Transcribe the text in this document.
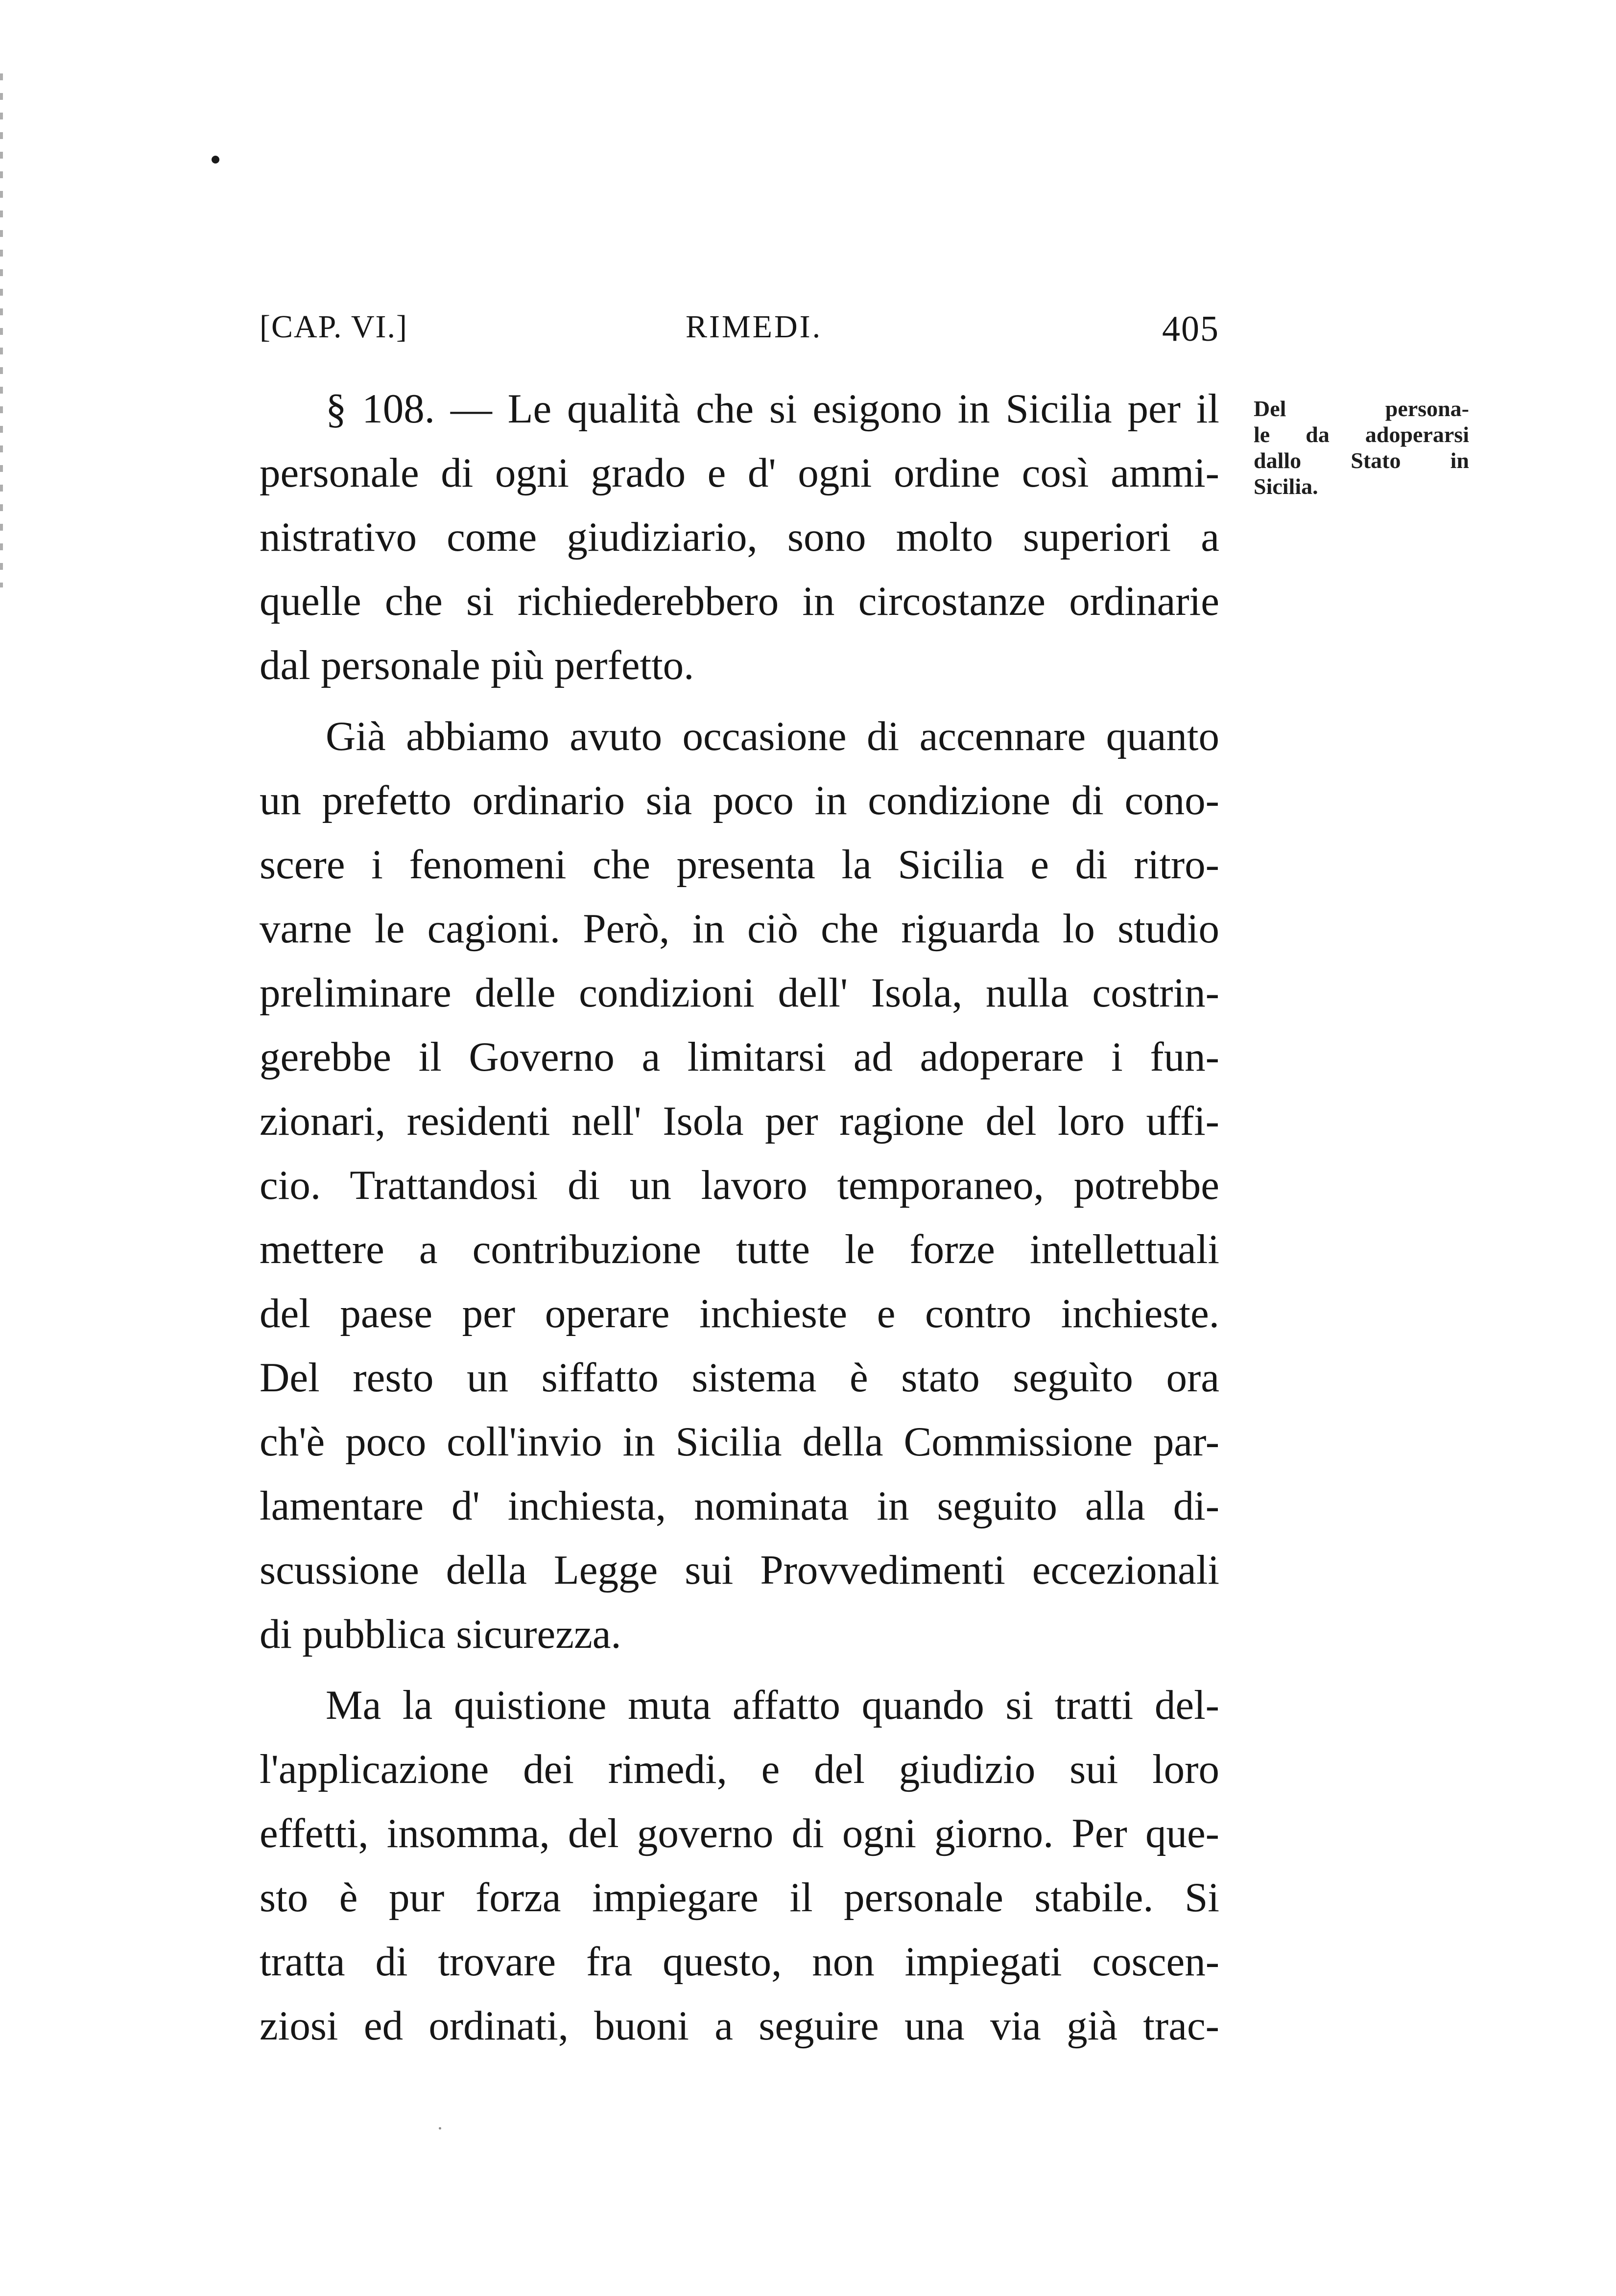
[CAP. VI.]	RIMEDI.	405
Del persona-
le da adoperarsi
dallo Stato in
Sicilia.
§ 108. — Le qualità che si esigono in Sicilia per il
personale di ogni grado e d' ogni ordine così ammi-
nistrativo come giudiziario, sono molto superiori a
quelle che si richiederebbero in circostanze ordinarie
dal personale più perfetto.
Già abbiamo avuto occasione di accennare quanto
un prefetto ordinario sia poco in condizione di cono-
scere i fenomeni che presenta la Sicilia e di ritro-
varne le cagioni. Però, in ciò che riguarda lo studio
preliminare delle condizioni dell' Isola, nulla costrin-
gerebbe il Governo a limitarsi ad adoperare i fun-
zionari, residenti nell' Isola per ragione del loro uffi-
cio. Trattandosi di un lavoro temporaneo, potrebbe
mettere a contribuzione tutte le forze intellettuali
del paese per operare inchieste e contro inchieste.
Del resto un siffatto sistema è stato seguìto ora
ch'è poco coll'invio in Sicilia della Commissione par-
lamentare d' inchiesta, nominata in seguito alla di-
scussione della Legge sui Provvedimenti eccezionali
di pubblica sicurezza.
Ma la quistione muta affatto quando si tratti del-
l'applicazione dei rimedi, e del giudizio sui loro
effetti, insomma, del governo di ogni giorno. Per que-
sto è pur forza impiegare il personale stabile. Si
tratta di trovare fra questo, non impiegati coscen-
ziosi ed ordinati, buoni a seguire una via già trac-
